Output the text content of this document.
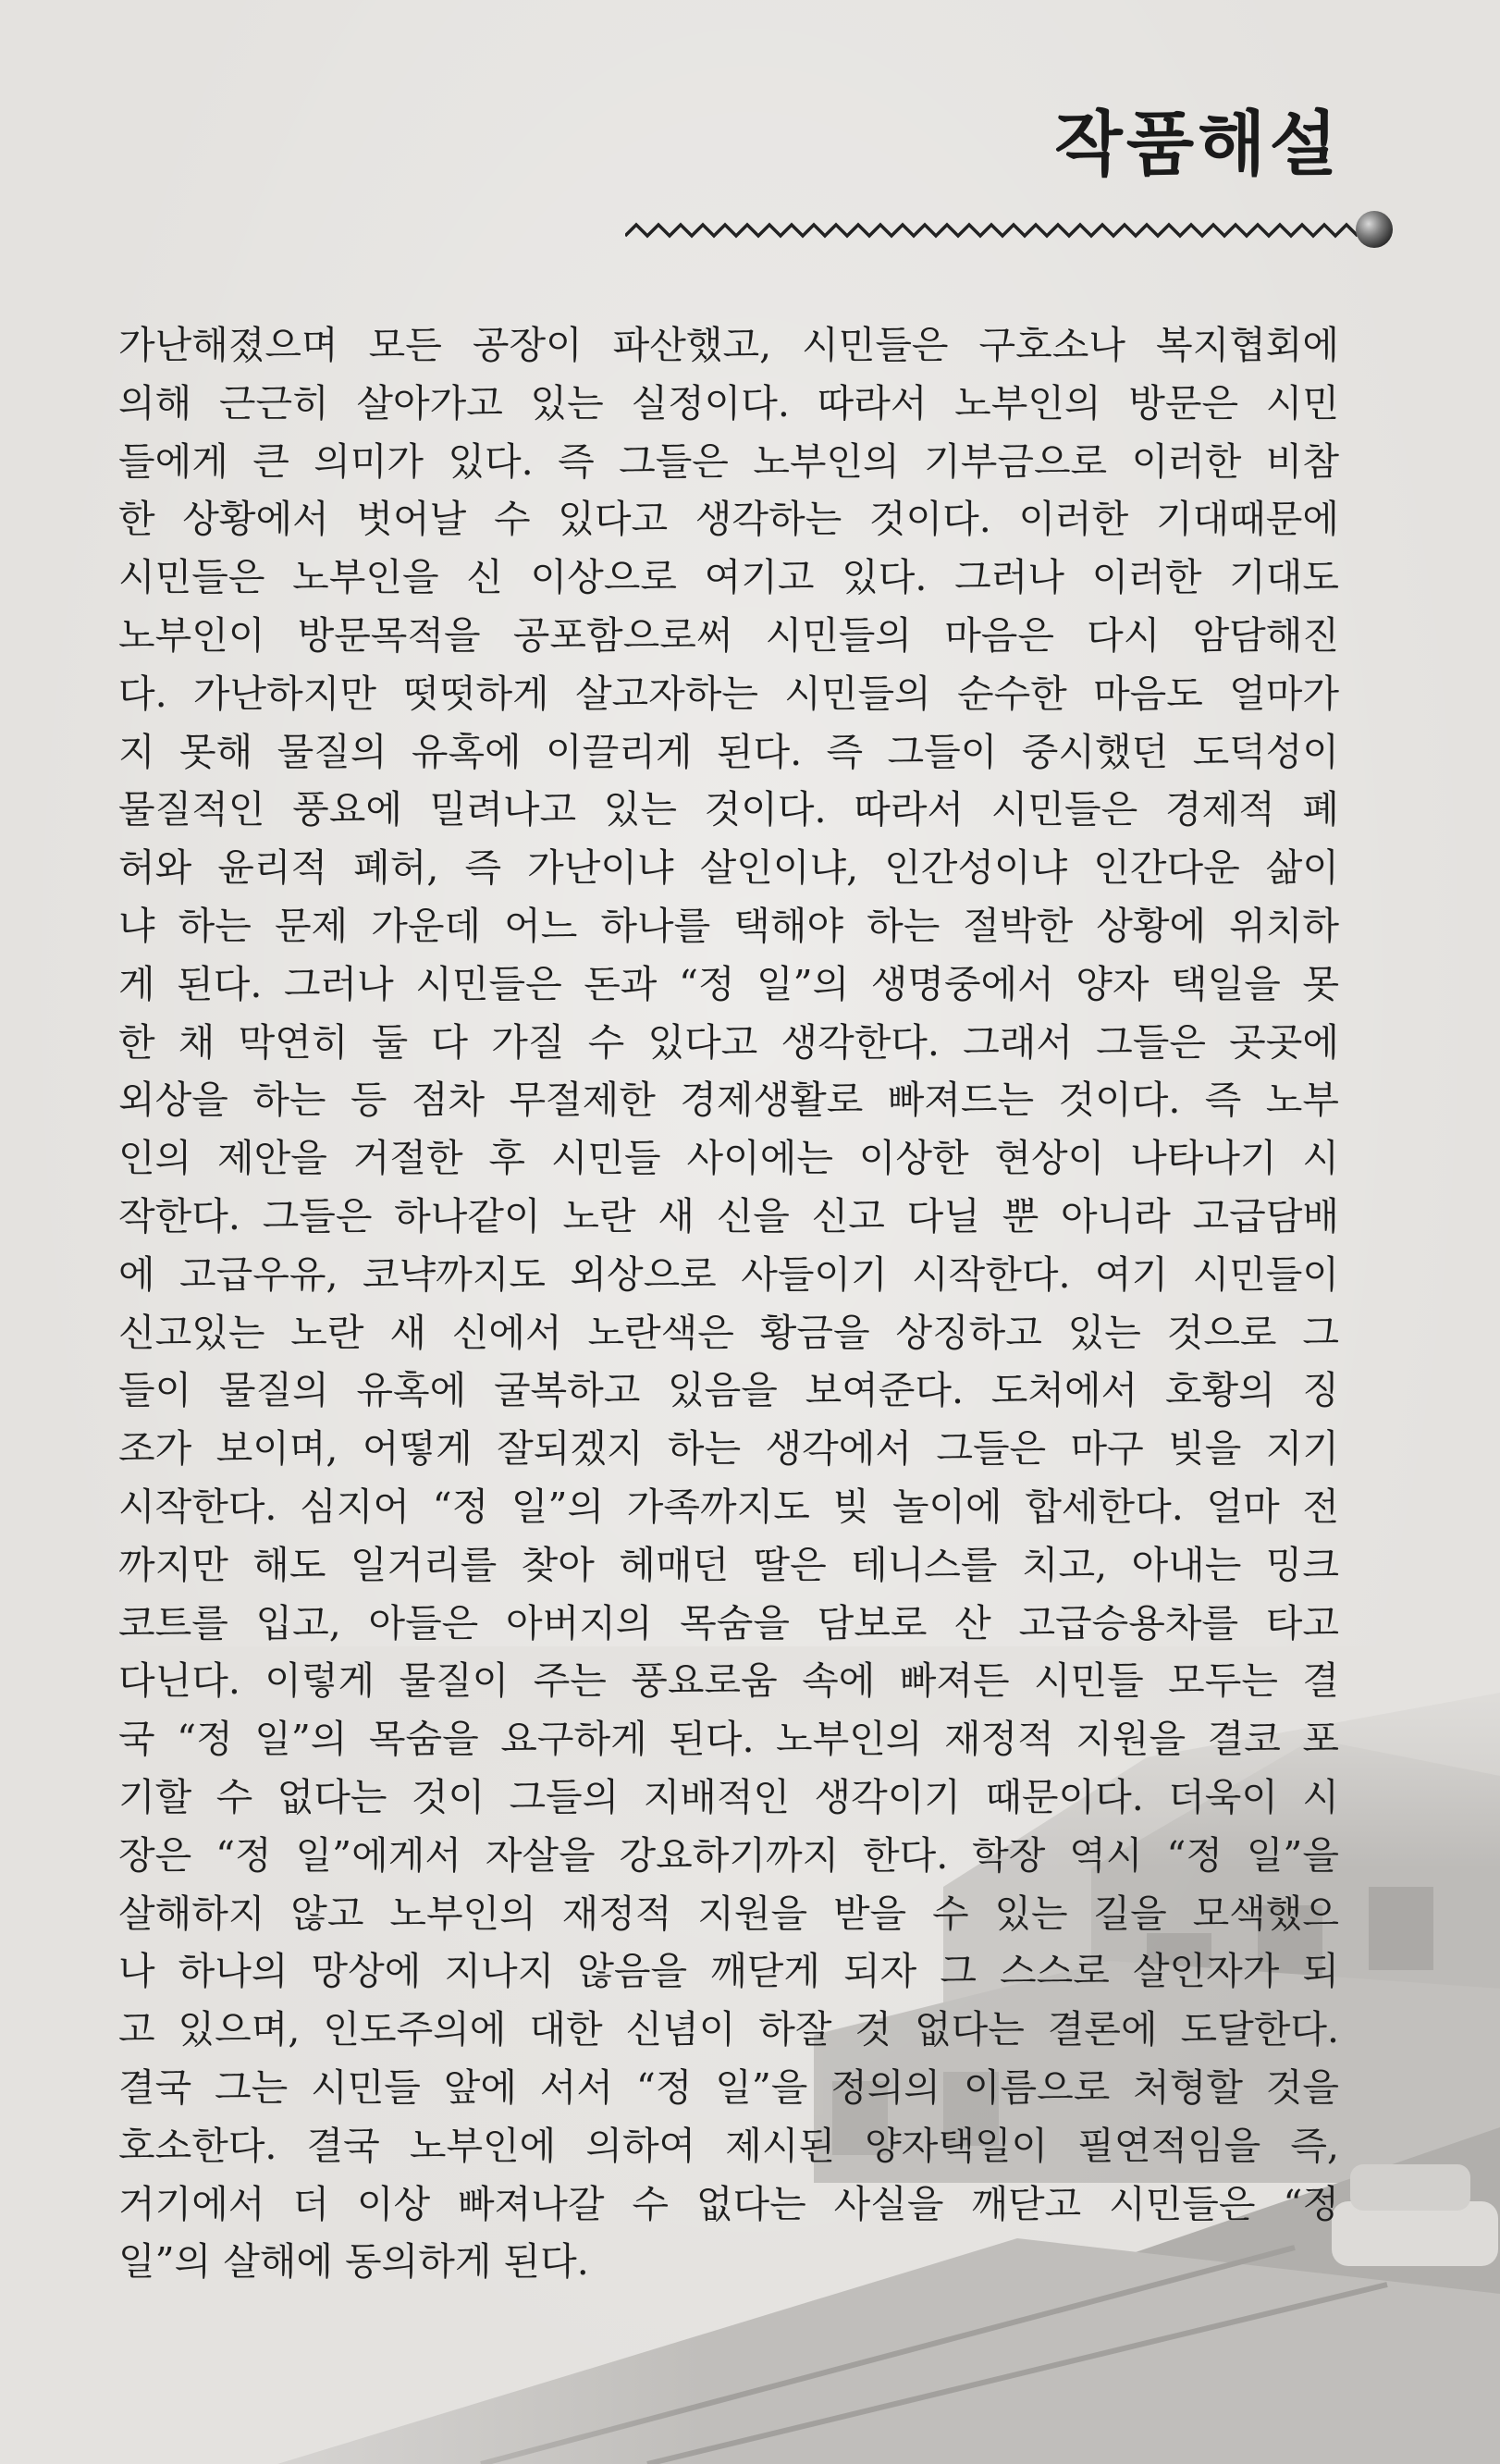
작품해설
가난해졌으며 모든 공장이 파산했고, 시민들은 구호소나 복지협회에
의해 근근히 살아가고 있는 실정이다. 따라서 노부인의 방문은 시민
들에게 큰 의미가 있다. 즉 그들은 노부인의 기부금으로 이러한 비참
한 상황에서 벗어날 수 있다고 생각하는 것이다. 이러한 기대때문에
시민들은 노부인을 신 이상으로 여기고 있다. 그러나 이러한 기대도
노부인이 방문목적을 공포함으로써 시민들의 마음은 다시 암담해진
다. 가난하지만 떳떳하게 살고자하는 시민들의 순수한 마음도 얼마가
지 못해 물질의 유혹에 이끌리게 된다. 즉 그들이 중시했던 도덕성이
물질적인 풍요에 밀려나고 있는 것이다. 따라서 시민들은 경제적 폐
허와 윤리적 폐허, 즉 가난이냐 살인이냐, 인간성이냐 인간다운 삶이
냐 하는 문제 가운데 어느 하나를 택해야 하는 절박한 상황에 위치하
게 된다. 그러나 시민들은 돈과 “정 일”의 생명중에서 양자 택일을 못
한 채 막연히 둘 다 가질 수 있다고 생각한다. 그래서 그들은 곳곳에
외상을 하는 등 점차 무절제한 경제생활로 빠져드는 것이다. 즉 노부
인의 제안을 거절한 후 시민들 사이에는 이상한 현상이 나타나기 시
작한다. 그들은 하나같이 노란 새 신을 신고 다닐 뿐 아니라 고급담배
에 고급우유, 코냑까지도 외상으로 사들이기 시작한다. 여기 시민들이
신고있는 노란 새 신에서 노란색은 황금을 상징하고 있는 것으로 그
들이 물질의 유혹에 굴복하고 있음을 보여준다. 도처에서 호황의 징
조가 보이며, 어떻게 잘되겠지 하는 생각에서 그들은 마구 빚을 지기
시작한다. 심지어 “정 일”의 가족까지도 빚 놀이에 합세한다. 얼마 전
까지만 해도 일거리를 찾아 헤매던 딸은 테니스를 치고, 아내는 밍크
코트를 입고, 아들은 아버지의 목숨을 담보로 산 고급승용차를 타고
다닌다. 이렇게 물질이 주는 풍요로움 속에 빠져든 시민들 모두는 결
국 “정 일”의 목숨을 요구하게 된다. 노부인의 재정적 지원을 결코 포
기할 수 없다는 것이 그들의 지배적인 생각이기 때문이다. 더욱이 시
장은 “정 일”에게서 자살을 강요하기까지 한다. 학장 역시 “정 일”을
살해하지 않고 노부인의 재정적 지원을 받을 수 있는 길을 모색했으
나 하나의 망상에 지나지 않음을 깨닫게 되자 그 스스로 살인자가 되
고 있으며, 인도주의에 대한 신념이 하잘 것 없다는 결론에 도달한다.
결국 그는 시민들 앞에 서서 “정 일”을 정의의 이름으로 처형할 것을
호소한다. 결국 노부인에 의하여 제시된 양자택일이 필연적임을 즉,
거기에서 더 이상 빠져나갈 수 없다는 사실을 깨닫고 시민들은 “정
일”의 살해에 동의하게 된다.
